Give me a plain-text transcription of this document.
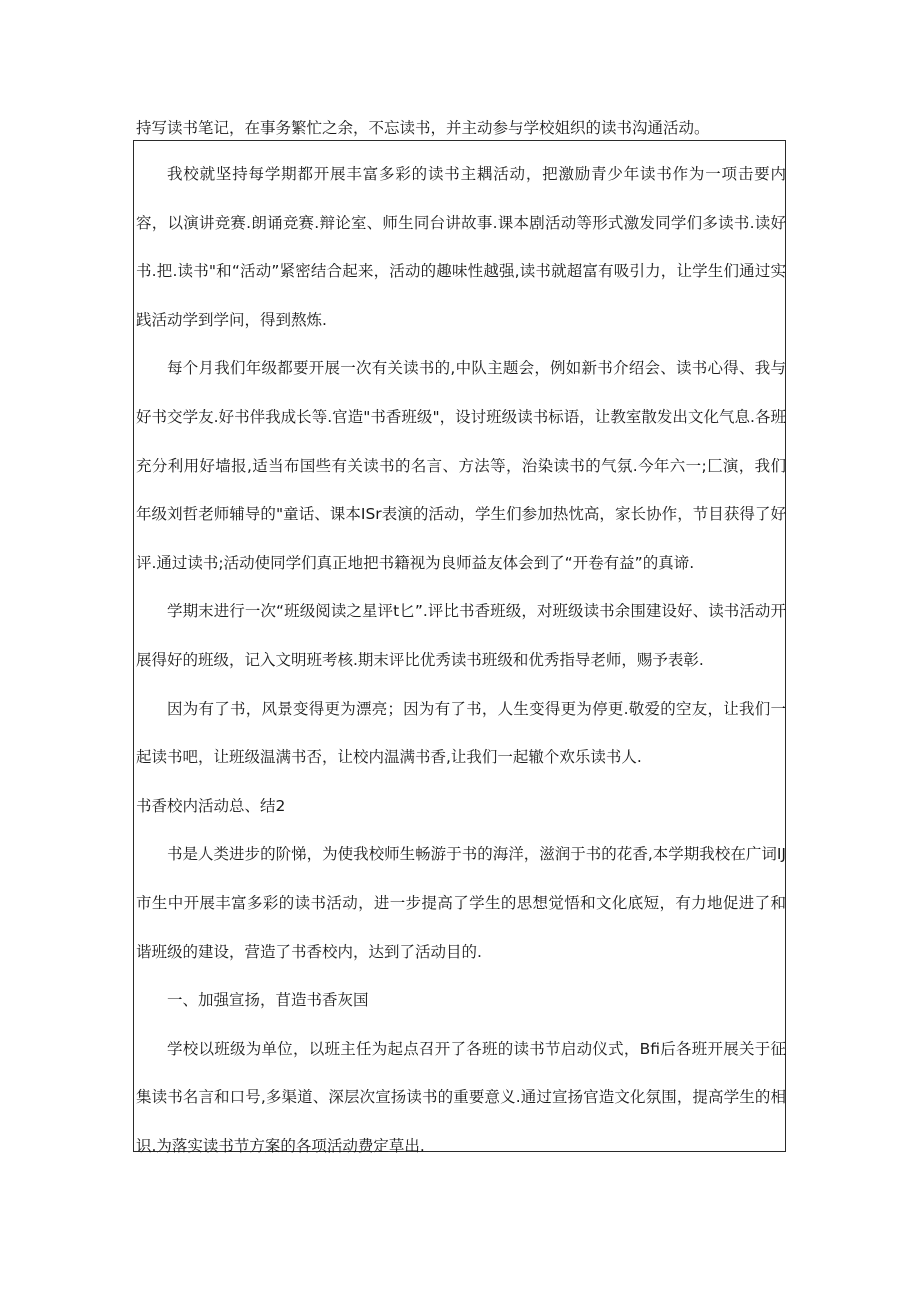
持写读书笔记，在事务繁忙之余，不忘读书，并主动参与学校姐织的读书沟通活动。

我校就坚持每学期都开展丰富多彩的读书主耦活动，把激励青少年读书作为一项击要内容，以演讲竞赛.朗诵竞赛.辩论室、师生同台讲故事.课本剧活动等形式激发同学们多读书.读好书.把.读书"和“活动”紧密结合起来，活动的趣味性越强,读书就超富有吸引力，让学生们通过实践活动学到学问，得到熬炼.

每个月我们年级都要开展一次有关读书的,中队主题会，例如新书介绍会、读书心得、我与好书交学友.好书伴我成长等.官造"书香班级"，设讨班级读书标语，让教室散发出文化气息.各班充分利用好墙报,适当布国些有关读书的名言、方法等，治染读书的气氛.今年六一;匚演，我们年级刘哲老师辅导的"童话、课本ISr表演的活动，学生们参加热忱高，家长协作，节目获得了好评.通过读书;活动使同学们真正地把书籍视为良师益友体会到了“开卷有益”的真谛.

学期末进行一次“班级阅读之星评t匕”.评比书香班级，对班级读书余围建设好、读书活动开展得好的班级，记入文明班考核.期末评比优秀读书班级和优秀指导老师，赐予表彰.

因为有了书，风景变得更为漂亮；因为有了书，人生变得更为停更.敬爱的空友，让我们一起读书吧，让班级温满书否，让校内温满书香,让我们一起辙个欢乐读书人.

书香校内活动总、结2

书是人类进步的阶悌，为使我校师生畅游于书的海洋，滋润于书的花香,本学期我校在广词IJ市生中开展丰富多彩的读书活动，进一步提高了学生的思想觉悟和文化底短，有力地促进了和谐班级的建设，营造了书香校内，达到了活动目的.

一、加强宣扬，苜造书香灰国

学校以班级为单位，以班主任为起点召开了各班的读书节启动仪式，Bfi后各班开展关于征集读书名言和口号,多渠道、深层次宣扬读书的重要意义.通过宣扬官造文化氛围，提高学生的相识.为落实读书节方案的各项活动费定草出.
